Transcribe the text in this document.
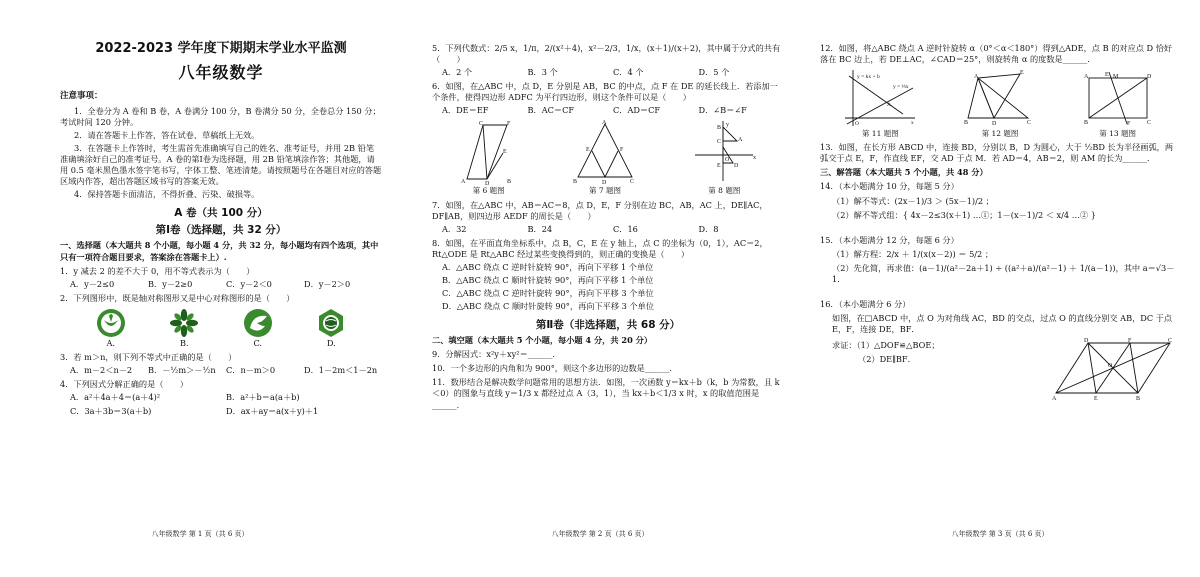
2022-2023 学年度下期期末学业水平监测
八年级数学
注意事项：
1．全卷分为 A 卷和 B 卷，A 卷满分 100 分，B 卷满分 50 分，全卷总分 150 分；考试时间 120 分钟。
2．请在答题卡上作答，答在试卷、草稿纸上无效。
3．在答题卡上作答时，考生需首先准确填写自己的姓名、准考证号，并用 2B 铅笔准确填涂好自己的准考证号。A 卷的第Ⅰ卷为选择题，用 2B 铅笔填涂作答；其他题，请用 0.5 毫米黑色墨水签字笔书写，字体工整、笔迹清楚。请按照题号在各题目对应的答题区域内作答，超出答题区域书写的答案无效。
4．保持答题卡面清洁，不得折叠、污染、破损等。
A 卷（共 100 分）
第Ⅰ卷（选择题，共 32 分）
一、选择题（本大题共 8 个小题，每小题 4 分，共 32 分，每小题均有四个选项，其中只有一项符合题目要求，答案涂在答题卡上）.
1．y 减去 2 的差不大于 0，用不等式表示为（　　）
A．y－2≤0	B．y－2≥0	C．y－2＜0	D．y－2＞0
2．下列图形中，既是轴对称图形又是中心对称图形的是（　　）
A.	B.	C.	D.
3．若 m＞n，则下列不等式中正确的是（　　）
A．m－2＜n－2	B．－½m＞－½n	C．n－m＞0	D．1－2m＜1－2n
4．下列因式分解正确的是（　　）
A．a²＋4a＋4＝(a＋4)²	B．a²＋b＝a(a＋b)
C．3a＋3b＝3(a＋b)	D．ax＋ay＝a(x＋y)＋1
八年级数学 第 1 页（共 6 页）
5．下列代数式：2/5 x，1/π，2/(x²＋4)，x²－2/3，1/x，(x＋1)/(x＋2)，其中属于分式的共有（　　）
A．2 个	B．3 个	C．4 个	D．5 个
6．如图，在△ABC 中，点 D，E 分别是 AB，BC 的中点，点 F 在 DE 的延长线上．若添加一个条件，使得四边形 ADFC 为平行四边形，则这个条件可以是（　　）
A．DE＝EF	B．AC＝CF	C．AD＝CF	D．∠B＝∠F
A	D	B
C	F
E
第 6 题图
A
B	D	C
E	F
第 7 题图
y
x
B
C	A
O
E D
第 8 题图
7．如图，在△ABC 中，AB＝AC＝8，点 D，E，F 分别在边 BC，AB，AC 上，DE∥AC，DF∥AB，则四边形 AEDF 的周长是（　　）
A．32	B．24	C．16	D．8
8．如图，在平面直角坐标系中，点 B，C，E 在 y 轴上，点 C 的坐标为（0，1），AC＝2，Rt△ODE 是 Rt△ABC 经过某些变换得到的，则正确的变换是（　　）
A．△ABC 绕点 C 逆时针旋转 90°，再向下平移 1 个单位
B．△ABC 绕点 C 顺时针旋转 90°，再向下平移 1 个单位
C．△ABC 绕点 C 逆时针旋转 90°，再向下平移 3 个单位
D．△ABC 绕点 C 顺时针旋转 90°，再向下平移 3 个单位
第Ⅱ卷（非选择题，共 68 分）
二、填空题（本大题共 5 个小题，每小题 4 分，共 20 分）
9．分解因式：x²y＋xy²＝______．
10．一个多边形的内角和为 900°，则这个多边形的边数是______．
11．数形结合是解决数学问题常用的思想方法．如图，一次函数 y＝kx＋b（k，b 为常数，且 k＜0）的图象与直线 y＝1/3 x 都经过点 A（3，1），当 kx＋b＜1/3 x 时，x 的取值范围是______．
八年级数学 第 2 页（共 6 页）
12．如图，将△ABC 绕点 A 逆时针旋转 α（0°＜α＜180°）得到△ADE，点 B 的对应点 D 恰好落在 BC 边上，若 DE⊥AC，∠CAD＝25°，则旋转角 α 的度数是______．
y = kx + b
y = ⅓x
A
O	x
第 11 题图
A
E
B	D	C
第 12 题图
A	E M	D
B	F	C
第 13 题图
13．如图，在长方形 ABCD 中，连接 BD，分别以 B，D 为圆心，大于 ½BD 长为半径画弧，两弧交于点 E，F，作直线 EF，交 AD 于点 M．若 AD＝4，AB＝2，则 AM 的长为______．
三、解答题（本大题共 5 个小题，共 48 分）
14．（本小题满分 10 分，每题 5 分）
（1）解不等式：(2x－1)/3 ＞ (5x－1)/2 ；
（2）解不等式组：{ 4x－2≤3(x＋1) …①；1－(x－1)/2 ＜ x/4 …② }
15．（本小题满分 12 分，每题 6 分）
（1）解方程：2/x ＋ 1/(x(x－2)) ＝ 5/2 ；
（2）先化简，再求值：(a－1)/(a²－2a＋1) ÷ ((a²＋a)/(a²－1) ＋ 1/(a－1))，其中 a＝√3－1．
16．（本小题满分 6 分）
如图，在□ABCD 中，点 O 为对角线 AC，BD 的交点，过点 O 的直线分别交 AB，DC 于点 E，F，连接 DE，BF．
求证：（1）△DOF≌△BOE；
（2）DE∥BF．
D	F	C
O
A	E	B
八年级数学 第 3 页（共 6 页）
